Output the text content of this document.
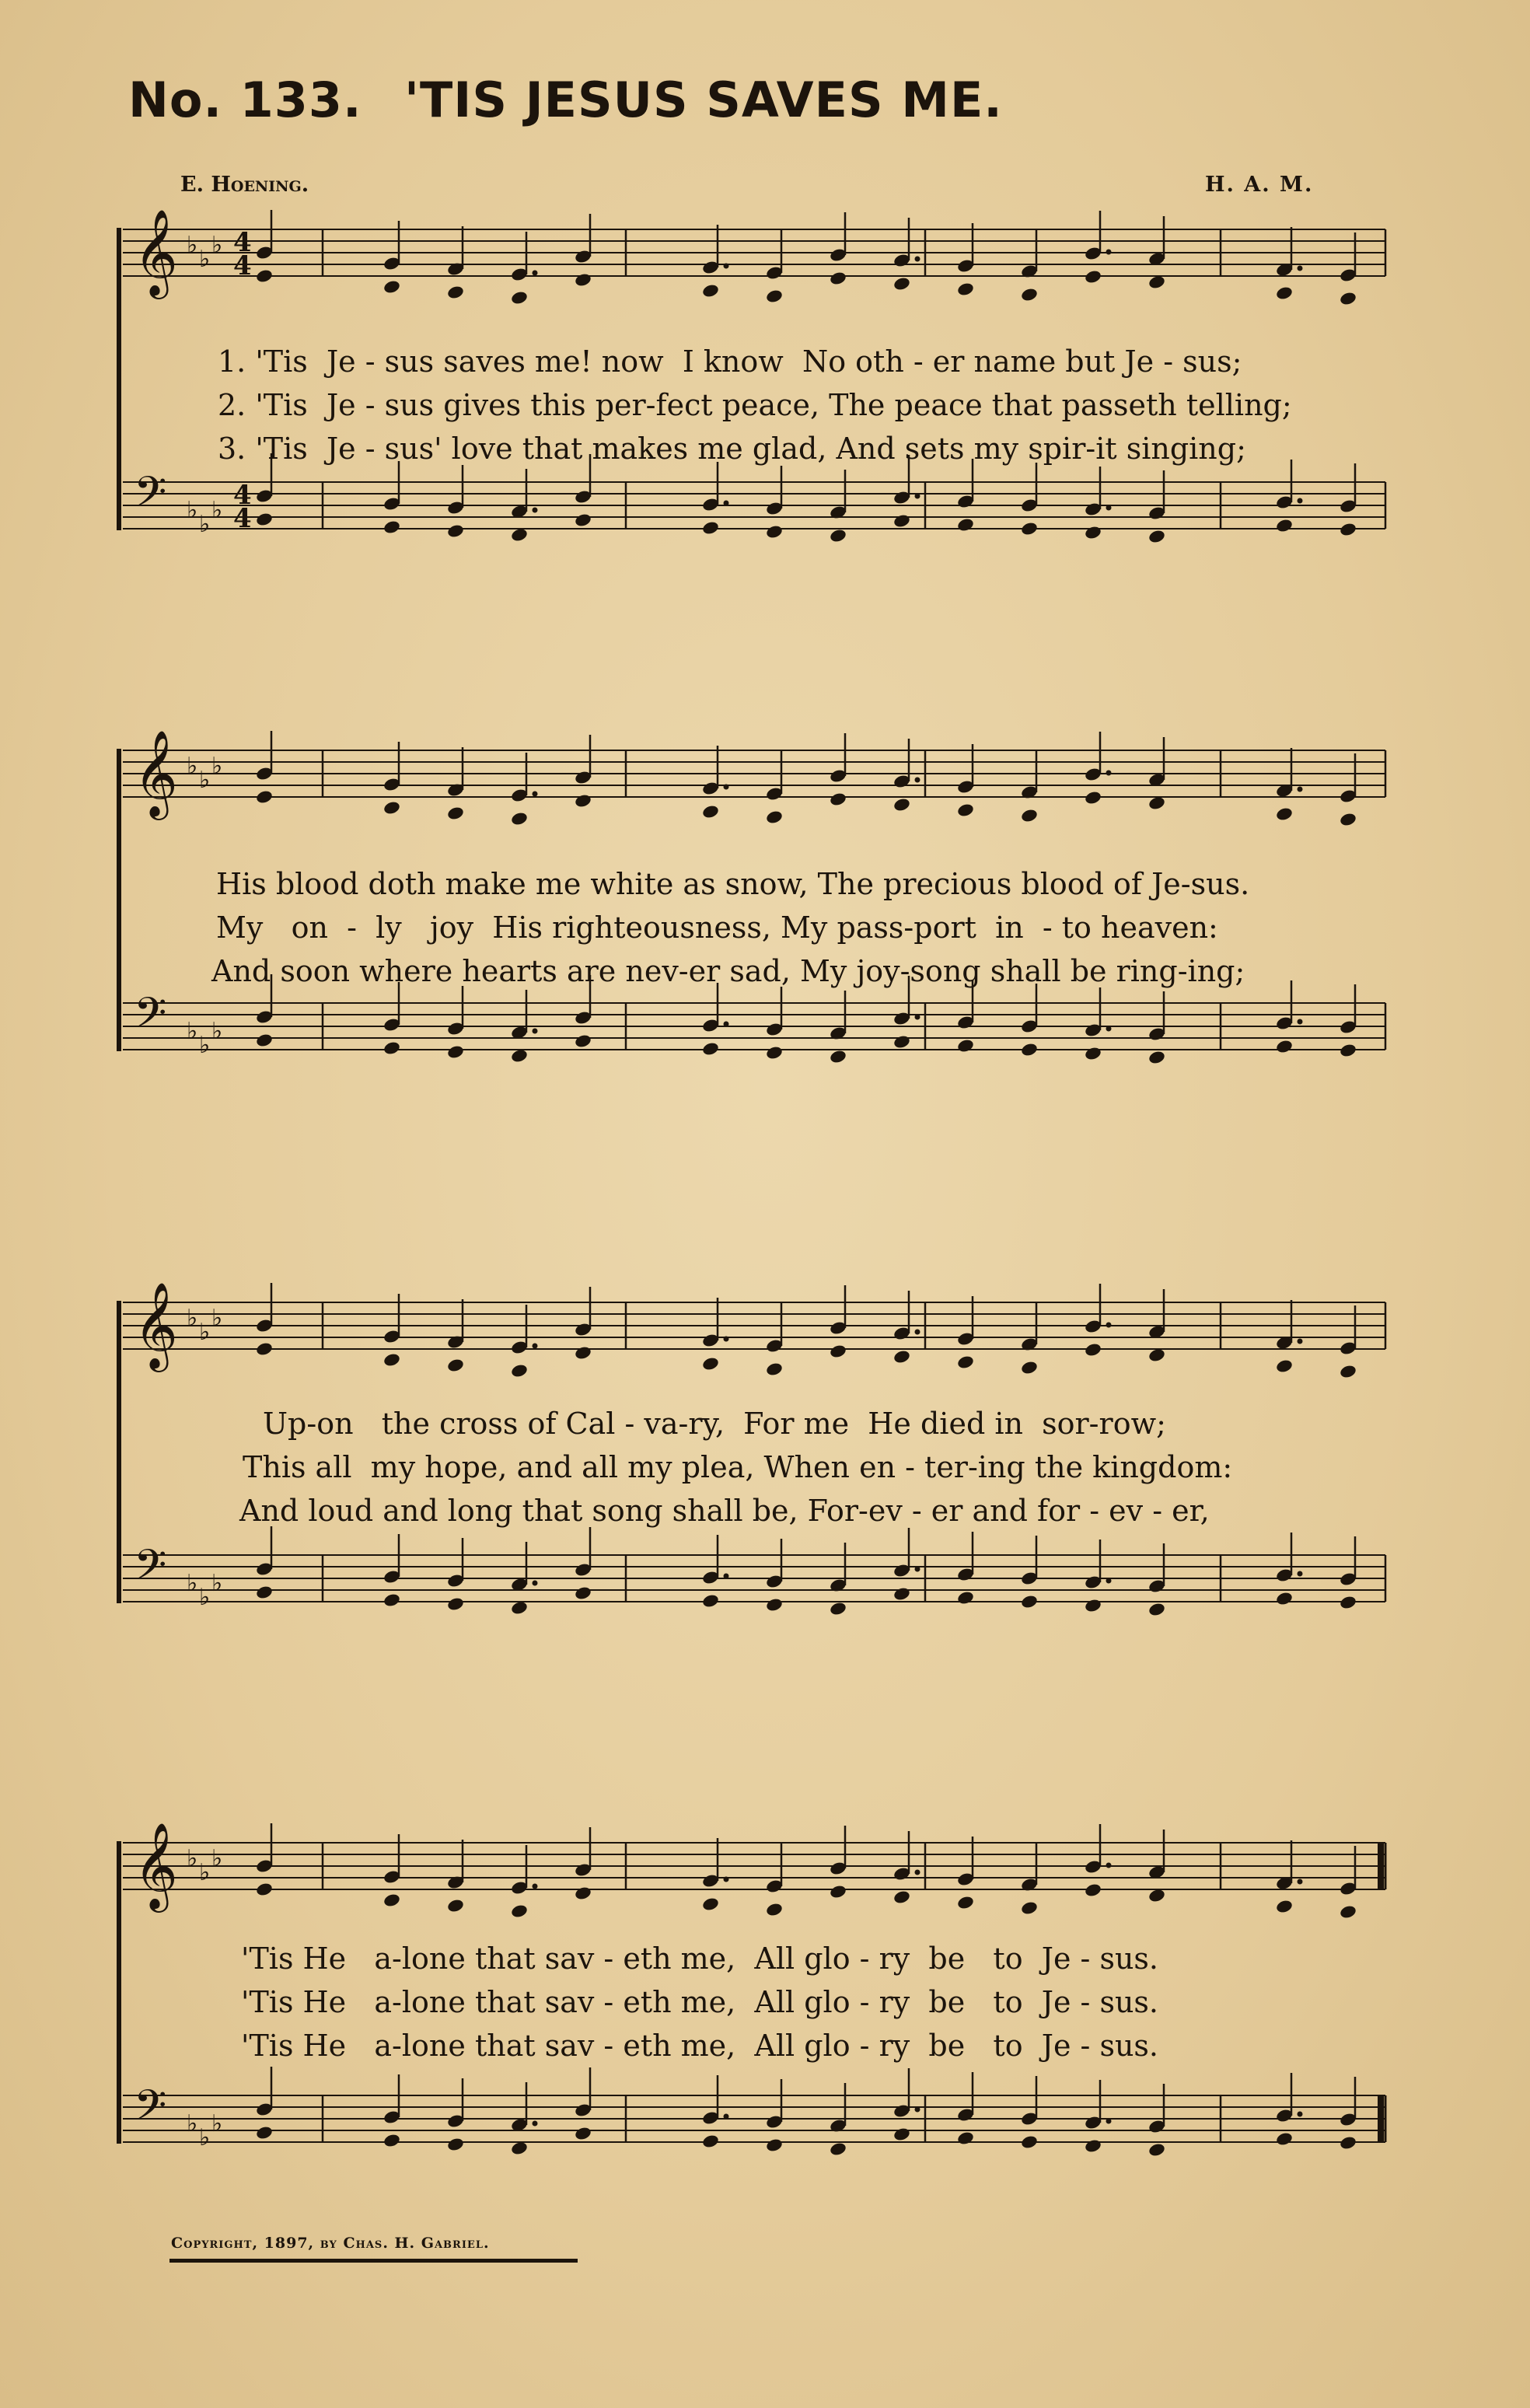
No. 133. 'TIS JESUS SAVES ME.
E. Hoening.	H. A. M.
𝄞 ♭
♭
♭ 4
4
𝄢 ♭
♭
♭ 4
4
𝄞 ♭
♭
♭
𝄢 ♭
♭
♭
𝄞 ♭
♭
♭
𝄢 ♭
♭
♭
𝄞 ♭
♭
♭
𝄢 ♭
♭
♭
1. 'Tis  Je - sus saves me! now  I know  No oth - er name but Je - sus;
2. 'Tis  Je - sus gives this per-fect peace, The peace that passeth telling;
3. 'Tis  Je - sus' love that makes me glad, And sets my spir-it singing;
His blood doth make me white as snow, The precious blood of Je-sus.
My   on  -  ly   joy  His righteousness, My pass-port  in  - to heaven:
And soon where hearts are nev-er sad, My joy-song shall be ring-ing;
Up-on   the cross of Cal - va-ry,  For me  He died in  sor-row;
This all  my hope, and all my plea, When en - ter-ing the kingdom:
And loud and long that song shall be, For-ev - er and for - ev - er,
'Tis He   a-lone that sav - eth me,  All glo - ry  be   to  Je - sus.
'Tis He   a-lone that sav - eth me,  All glo - ry  be   to  Je - sus.
'Tis He   a-lone that sav - eth me,  All glo - ry  be   to  Je - sus.
Copyright, 1897, by Chas. H. Gabriel.
